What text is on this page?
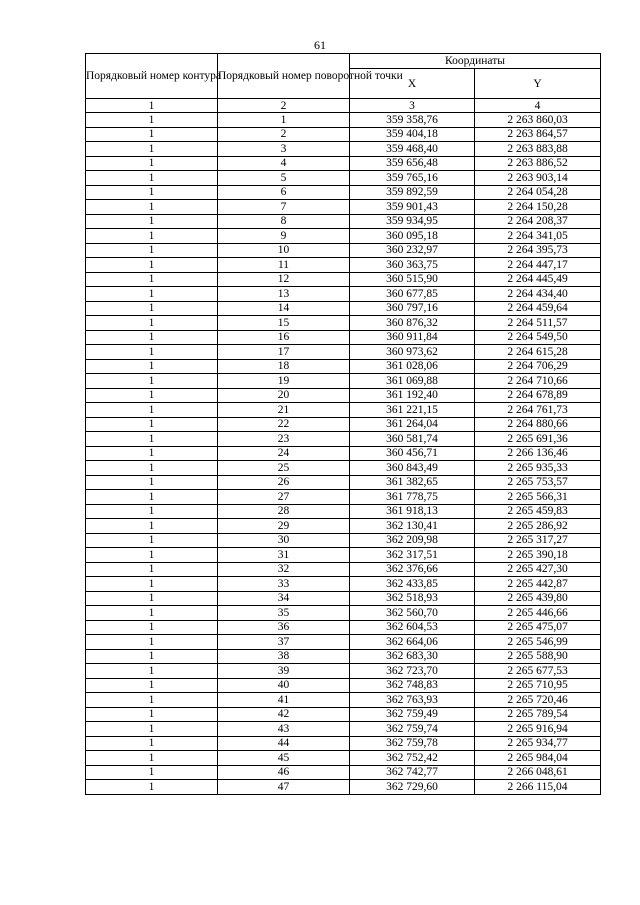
61
Порядковый номер контура	Порядковый номер поворотной точки	Координаты	
		X	Y
1	2	3	4
1	1	359 358,76	2 263 860,03
1	2	359 404,18	2 263 864,57
1	3	359 468,40	2 263 883,88
1	4	359 656,48	2 263 886,52
1	5	359 765,16	2 263 903,14
1	6	359 892,59	2 264 054,28
1	7	359 901,43	2 264 150,28
1	8	359 934,95	2 264 208,37
1	9	360 095,18	2 264 341,05
1	10	360 232,97	2 264 395,73
1	11	360 363,75	2 264 447,17
1	12	360 515,90	2 264 445,49
1	13	360 677,85	2 264 434,40
1	14	360 797,16	2 264 459,64
1	15	360 876,32	2 264 511,57
1	16	360 911,84	2 264 549,50
1	17	360 973,62	2 264 615,28
1	18	361 028,06	2 264 706,29
1	19	361 069,88	2 264 710,66
1	20	361 192,40	2 264 678,89
1	21	361 221,15	2 264 761,73
1	22	361 264,04	2 264 880,66
1	23	360 581,74	2 265 691,36
1	24	360 456,71	2 266 136,46
1	25	360 843,49	2 265 935,33
1	26	361 382,65	2 265 753,57
1	27	361 778,75	2 265 566,31
1	28	361 918,13	2 265 459,83
1	29	362 130,41	2 265 286,92
1	30	362 209,98	2 265 317,27
1	31	362 317,51	2 265 390,18
1	32	362 376,66	2 265 427,30
1	33	362 433,85	2 265 442,87
1	34	362 518,93	2 265 439,80
1	35	362 560,70	2 265 446,66
1	36	362 604,53	2 265 475,07
1	37	362 664,06	2 265 546,99
1	38	362 683,30	2 265 588,90
1	39	362 723,70	2 265 677,53
1	40	362 748,83	2 265 710,95
1	41	362 763,93	2 265 720,46
1	42	362 759,49	2 265 789,54
1	43	362 759,74	2 265 916,94
1	44	362 759,78	2 265 934,77
1	45	362 752,42	2 265 984,04
1	46	362 742,77	2 266 048,61
1	47	362 729,60	2 266 115,04
